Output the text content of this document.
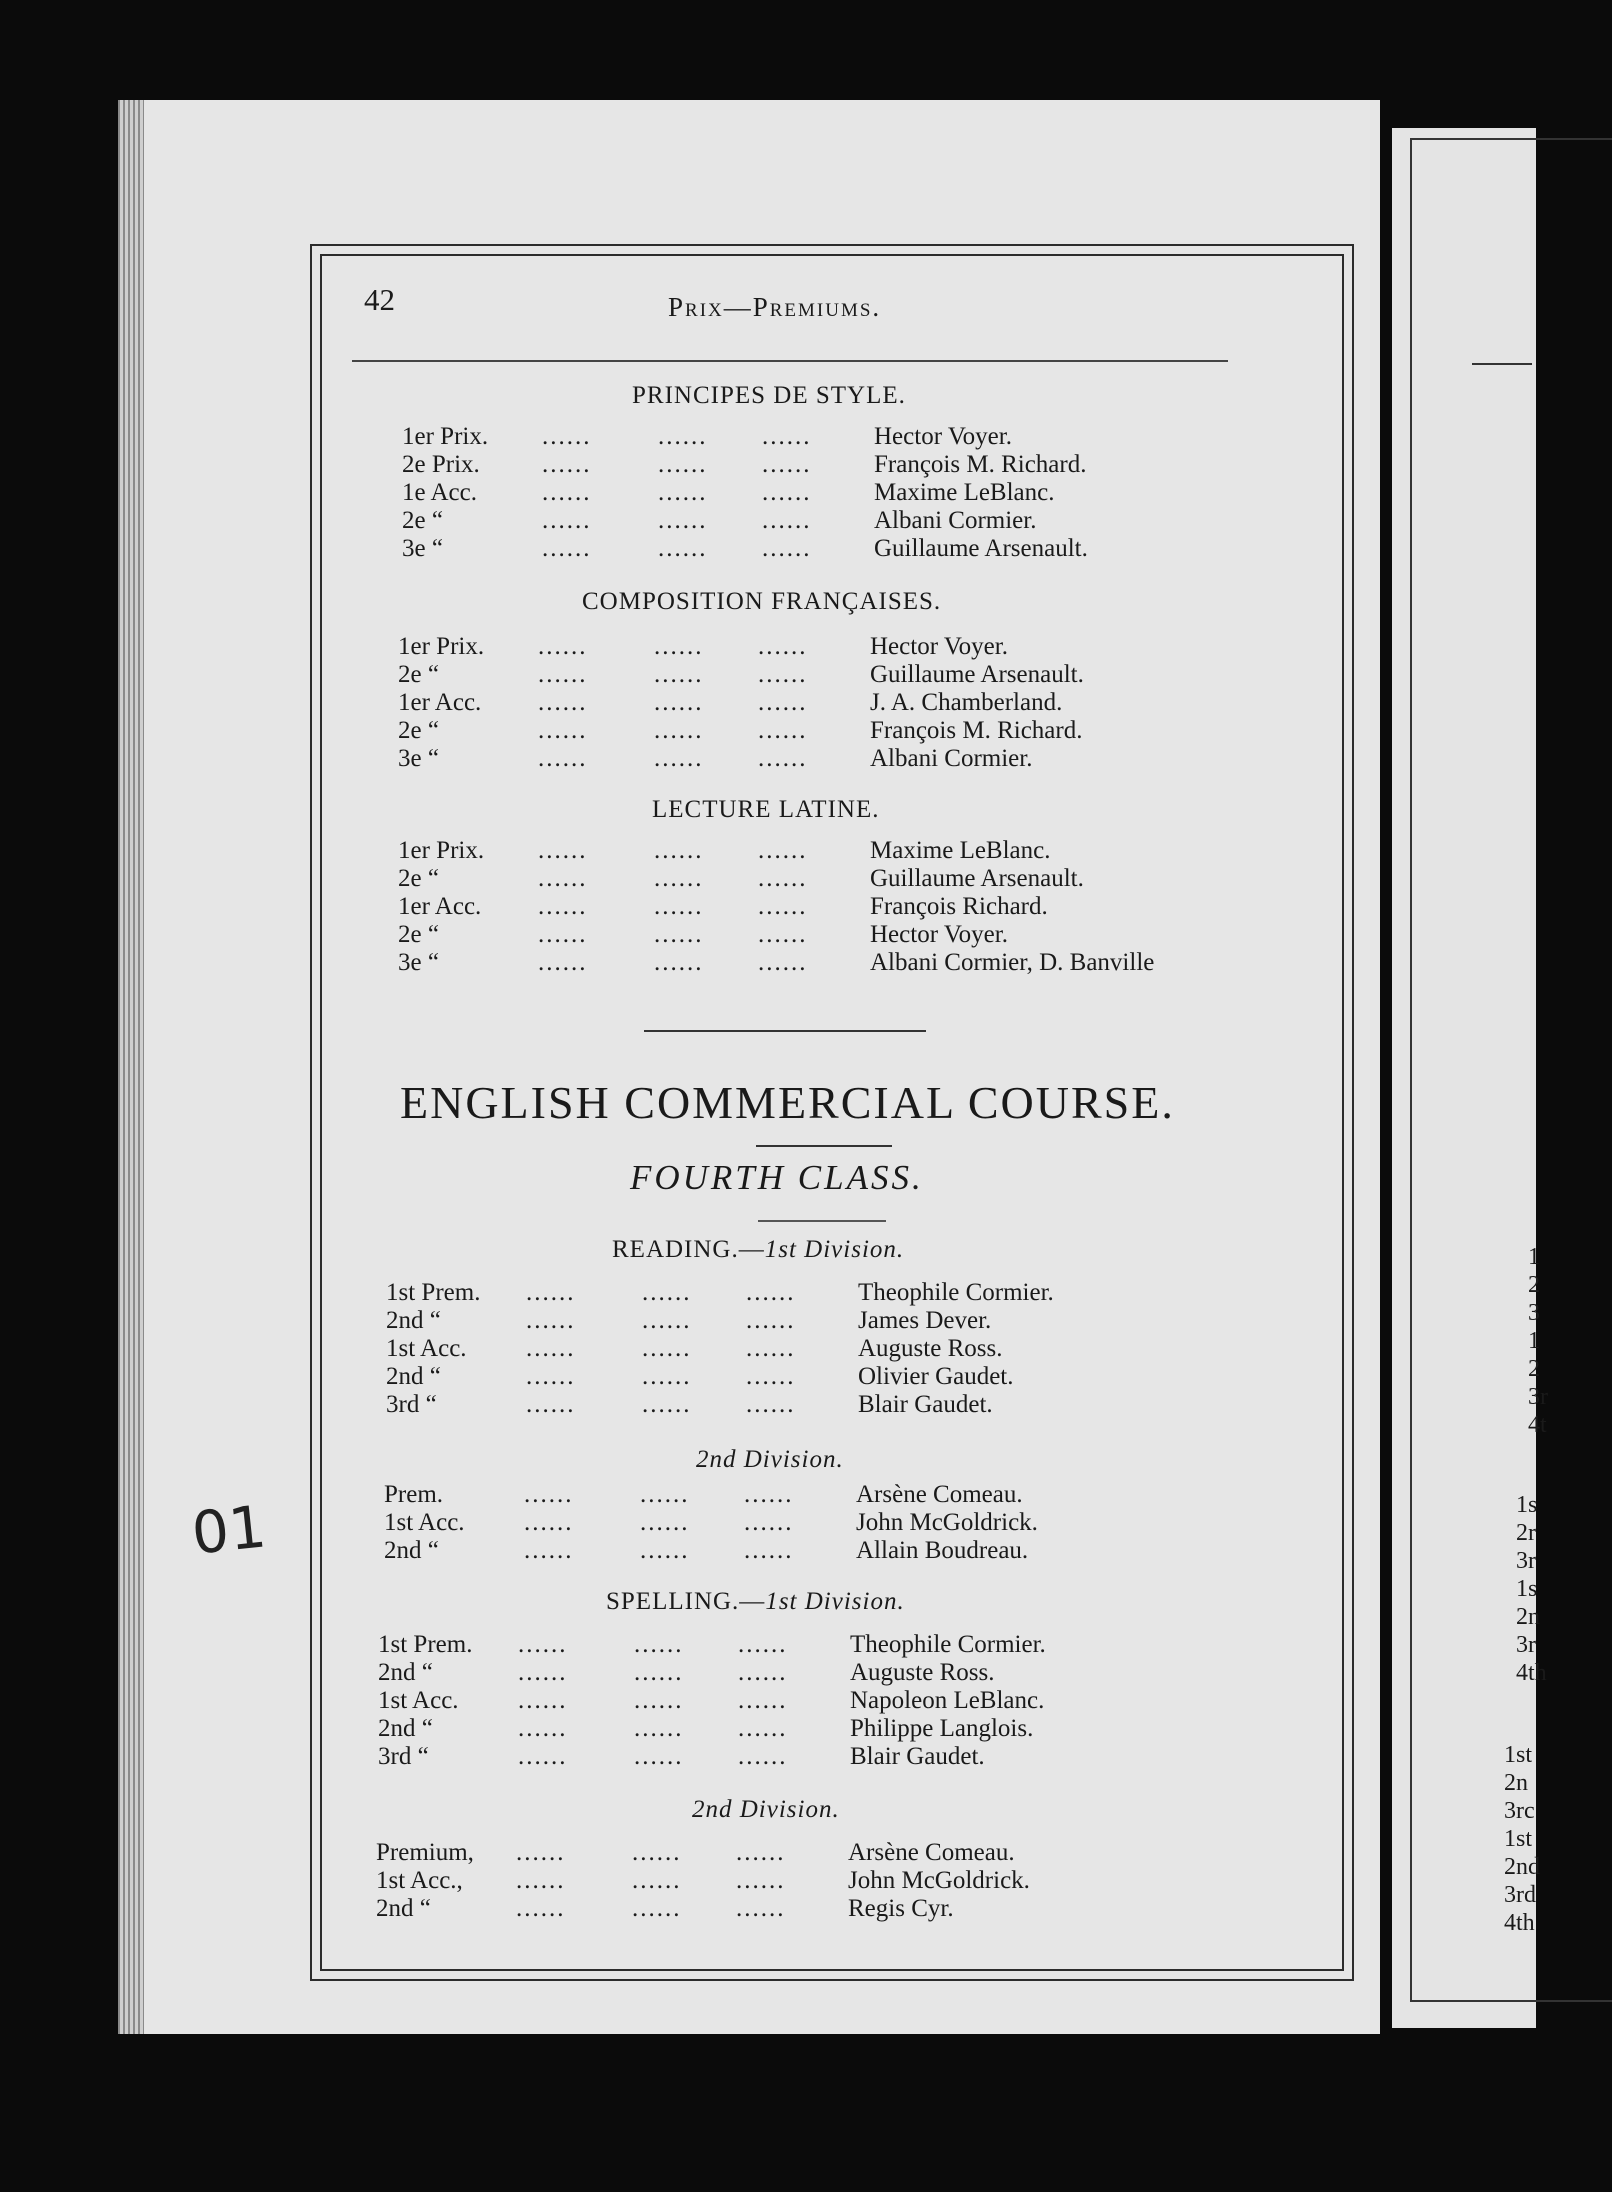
1
2
3
1
2
3r
4t
1s
2r
3r
1s
2n
3r
4th
1st
2n
3rc
1st
2nd
3rd
4th
42	Prix—Premiums.
PRINCIPES DE STYLE.
1er Prix.	......	...... ......	Hector Voyer.
2e Prix.	......	...... ......	François M. Richard.
1e Acc.	......	...... ......	Maxime LeBlanc.
2e “	......	...... ......	Albani Cormier.
3e “	......	...... ......	Guillaume Arsenault.
COMPOSITION FRANÇAISES.
1er Prix.	......	...... ......	Hector Voyer.
2e “	......	...... ......	Guillaume Arsenault.
1er Acc.	......	...... ......	J. A. Chamberland.
2e “	......	...... ......	François M. Richard.
3e “	......	...... ......	Albani Cormier.
LECTURE LATINE.
1er Prix.	......	...... ......	Maxime LeBlanc.
2e “	......	...... ......	Guillaume Arsenault.
1er Acc.	......	...... ......	François Richard.
2e “	......	...... ......	Hector Voyer.
3e “	......	...... ......	Albani Cormier, D. Banville
ENGLISH COMMERCIAL COURSE.
FOURTH CLASS.
READING.—1st Division.
1st Prem.	......	...... ......	Theophile Cormier.
2nd “	......	...... ......	James Dever.
1st Acc.	......	...... ......	Auguste Ross.
2nd “	......	...... ......	Olivier Gaudet.
3rd “	......	...... ......	Blair Gaudet.
2nd Division.
Prem.	......	...... ......	Arsène Comeau.
1st Acc.	......	...... ......	John McGoldrick.
2nd “	......	...... ......	Allain Boudreau.
SPELLING.—1st Division.
1st Prem.	......	...... ......	Theophile Cormier.
2nd “	......	...... ......	Auguste Ross.
1st Acc.	......	...... ......	Napoleon LeBlanc.
2nd “	......	...... ......	Philippe Langlois.
3rd “	......	...... ......	Blair Gaudet.
2nd Division.
Premium,	......	...... ......	Arsène Comeau.
1st Acc.,	......	...... ......	John McGoldrick.
2nd “	......	...... ......	Regis Cyr.
01
